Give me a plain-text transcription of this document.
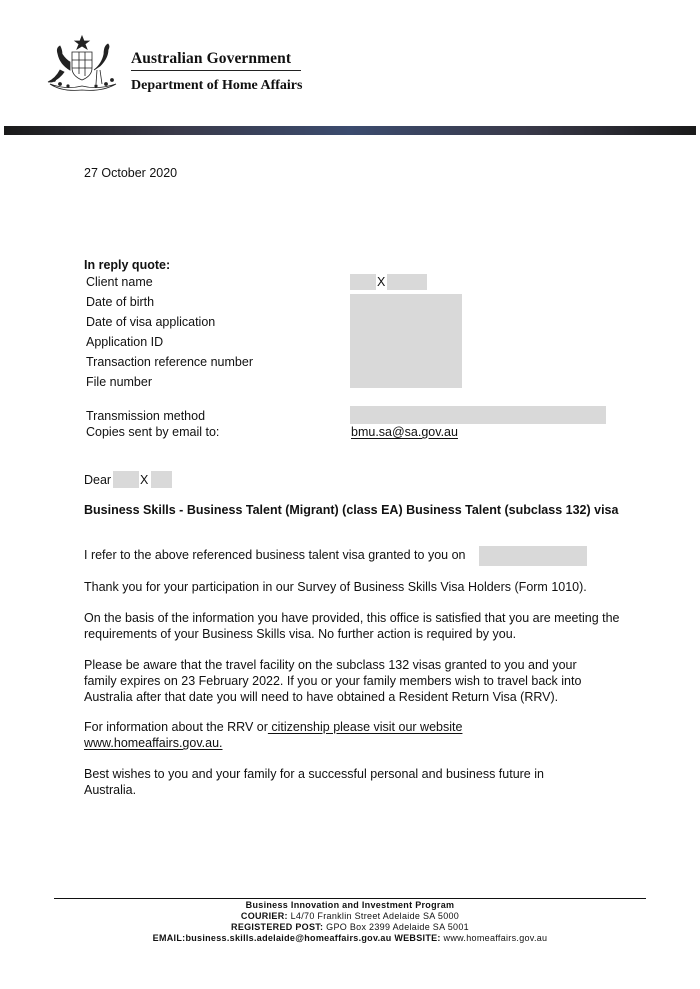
Australian Government
Department of Home Affairs
27 October 2020
In reply quote:
Client name
Date of birth
Date of visa application
Application ID
Transaction reference number
File number
X
Transmission method
Copies sent by email to:	bmu.sa@sa.gov.au
Dear X
Business Skills - Business Talent (Migrant) (class EA) Business Talent (subclass 132) visa
I refer to the above referenced business talent visa granted to you on
Thank you for your participation in our Survey of Business Skills Visa Holders (Form 1010).
On the basis of the information you have provided, this office is satisfied that you are meeting the requirements of your Business Skills visa. No further action is required by you.
Please be aware that the travel facility on the subclass 132 visas granted to you and your family expires on 23 February 2022. If you or your family members wish to travel back into Australia after that date you will need to have obtained a Resident Return Visa (RRV).
For information about the RRV or citizenship please visit our website www.homeaffairs.gov.au.
Best wishes to you and your family for a successful personal and business future in Australia.
Business Innovation and Investment Program
COURIER: L4/70 Franklin Street Adelaide SA 5000
REGISTERED POST: GPO Box 2399 Adelaide SA 5001
EMAIL:business.skills.adelaide@homeaffairs.gov.au WEBSITE: www.homeaffairs.gov.au
